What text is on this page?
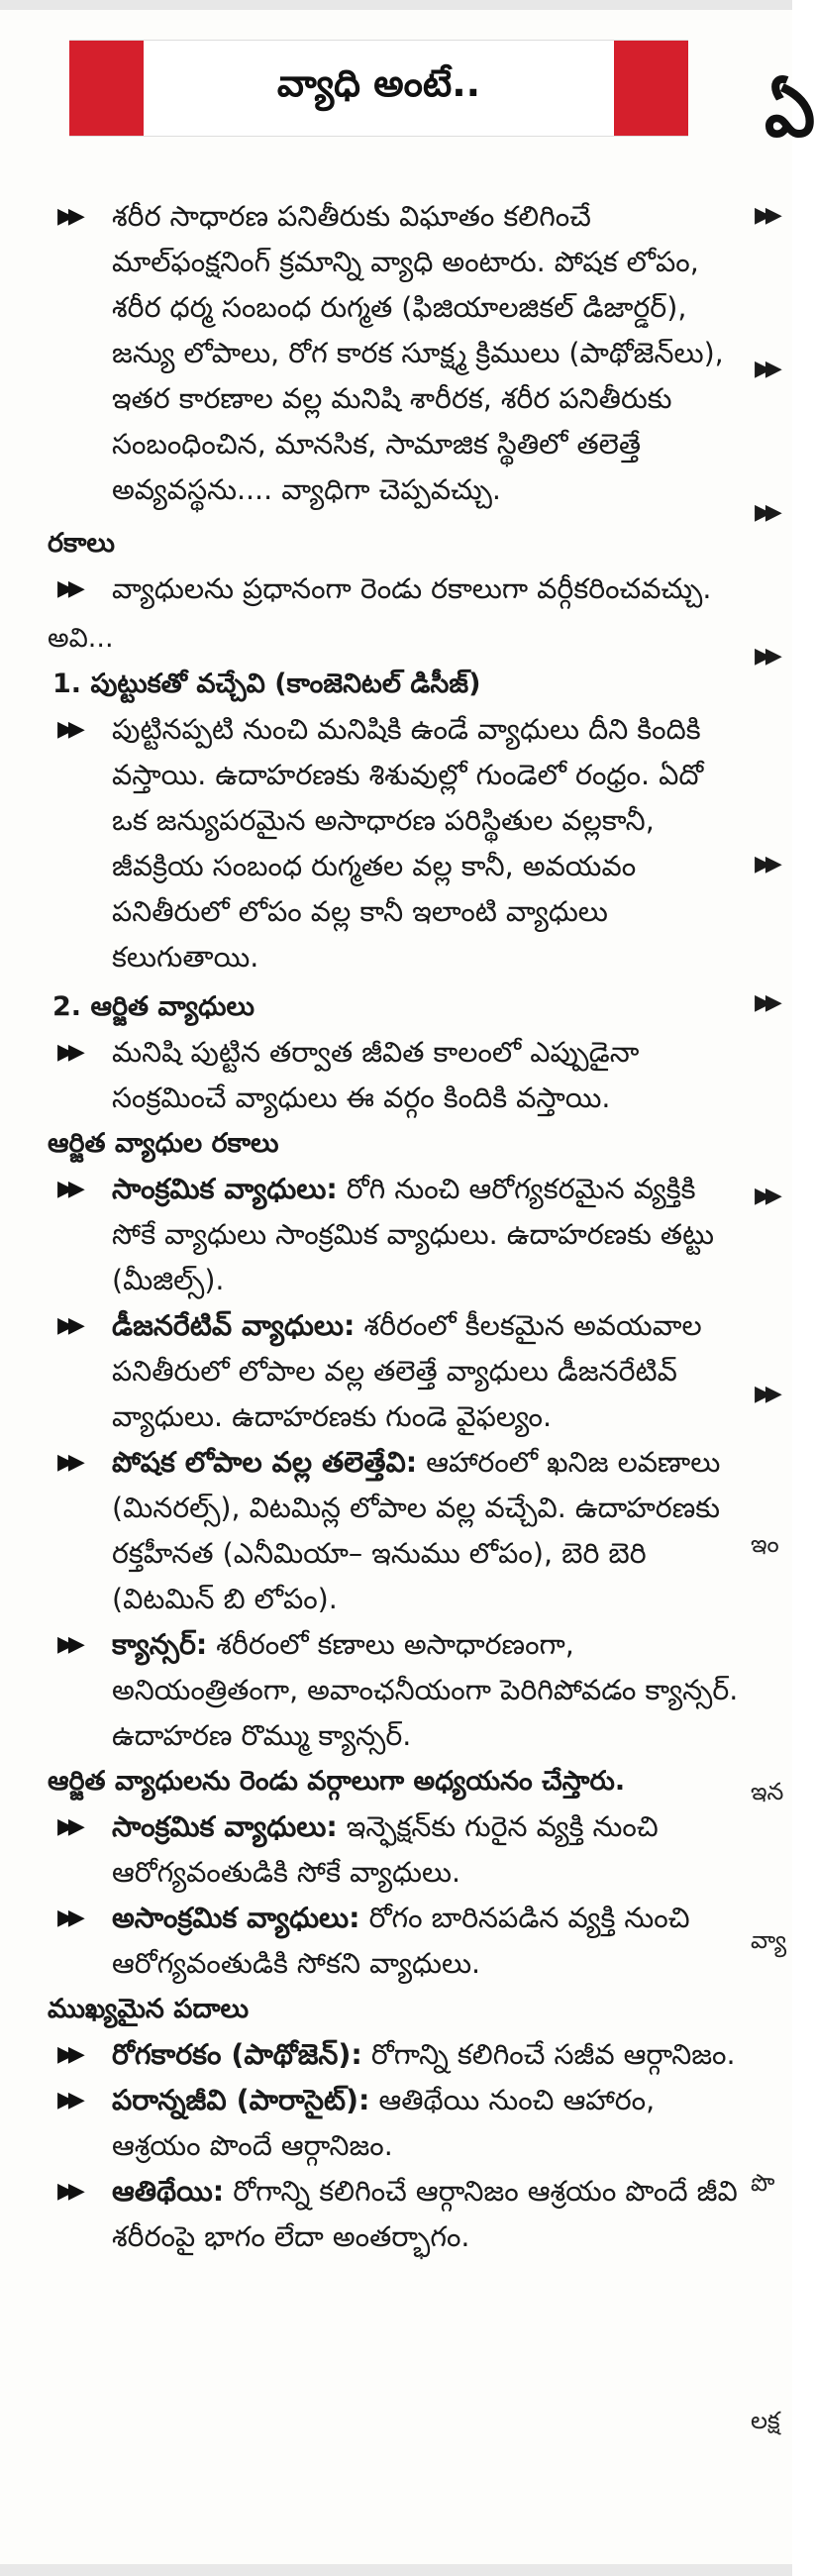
వ్యాధి అంటే..
▶▶ శరీర సాధారణ పనితీరుకు విఘాతం కలిగించే మాల్‌ఫంక్షనింగ్ క్రమాన్ని వ్యాధి అంటారు. పోషక లోపం, శరీర ధర్మ సంబంధ రుగ్మత (ఫిజియాలజికల్ డిజార్డర్), జన్యు లోపాలు, రోగ కారక సూక్ష్మ క్రిములు (పాథోజెన్‌లు), ఇతర కారణాల వల్ల మనిషి శారీరక, శరీర పనితీరుకు సంబంధించిన, మానసిక, సామాజిక స్థితిలో తలెత్తే అవ్యవస్థను.... వ్యాధిగా చెప్పవచ్చు.
రకాలు
▶▶ వ్యాధులను ప్రధానంగా రెండు రకాలుగా వర్గీకరించవచ్చు.
అవి...
1. పుట్టుకతో వచ్చేవి (కాంజెనిటల్ డిసీజ్)
▶▶ పుట్టినప్పటి నుంచి మనిషికి ఉండే వ్యాధులు దీని కిందికి వస్తాయి. ఉదాహరణకు శిశువుల్లో గుండెలో రంధ్రం. ఏదో ఒక జన్యుపరమైన అసాధారణ పరిస్థితుల వల్లకానీ, జీవక్రియ సంబంధ రుగ్మతల వల్ల కానీ, అవయవం పనితీరులో లోపం వల్ల కానీ ఇలాంటి వ్యాధులు కలుగుతాయి.
2. ఆర్జిత వ్యాధులు
▶▶ మనిషి పుట్టిన తర్వాత జీవిత కాలంలో ఎప్పుడైనా సంక్రమించే వ్యాధులు ఈ వర్గం కిందికి వస్తాయి.
ఆర్జిత వ్యాధుల రకాలు
▶▶ సాంక్రమిక వ్యాధులు: రోగి నుంచి ఆరోగ్యకరమైన వ్యక్తికి సోకే వ్యాధులు సాంక్రమిక వ్యాధులు. ఉదాహరణకు తట్టు (మీజిల్స్).
▶▶ డీజనరేటివ్ వ్యాధులు: శరీరంలో కీలకమైన అవయవాల పనితీరులో లోపాల వల్ల తలెత్తే వ్యాధులు డీజనరేటివ్ వ్యాధులు. ఉదాహరణకు గుండె వైఫల్యం.
▶▶ పోషక లోపాల వల్ల తలెత్తేవి: ఆహారంలో ఖనిజ లవణాలు (మినరల్స్), విటమిన్ల లోపాల వల్ల వచ్చేవి. ఉదాహరణకు రక్తహీనత (ఎనీమియా– ఇనుము లోపం), బెరి బెరి (విటమిన్ బి లోపం).
▶▶ క్యాన్సర్: శరీరంలో కణాలు అసాధారణంగా, అనియంత్రితంగా, అవాంఛనీయంగా పెరిగిపోవడం క్యాన్సర్. ఉదాహరణ రొమ్ము క్యాన్సర్.
ఆర్జిత వ్యాధులను రెండు వర్గాలుగా అధ్యయనం చేస్తారు.
▶▶ సాంక్రమిక వ్యాధులు: ఇన్ఫెక్షన్‌కు గురైన వ్యక్తి నుంచి ఆరోగ్యవంతుడికి సోకే వ్యాధులు.
▶▶ అసాంక్రమిక వ్యాధులు: రోగం బారినపడిన వ్యక్తి నుంచి ఆరోగ్యవంతుడికి సోకని వ్యాధులు.
ముఖ్యమైన పదాలు
▶▶ రోగకారకం (పాథోజెన్): రోగాన్ని కలిగించే సజీవ ఆర్గానిజం.
▶▶ పరాన్నజీవి (పారాసైట్): ఆతిథేయి నుంచి ఆహారం, ఆశ్రయం పొందే ఆర్గానిజం.
▶▶ ఆతిథేయి: రోగాన్ని కలిగించే ఆర్గానిజం ఆశ్రయం పొందే జీవి శరీరంపై భాగం లేదా అంతర్భాగం.
ఏ
▶▶
▶▶
▶▶
▶▶
▶▶
▶▶
▶▶
▶▶
ఇం
ఇన
వ్యా
పొ
లక్ష
